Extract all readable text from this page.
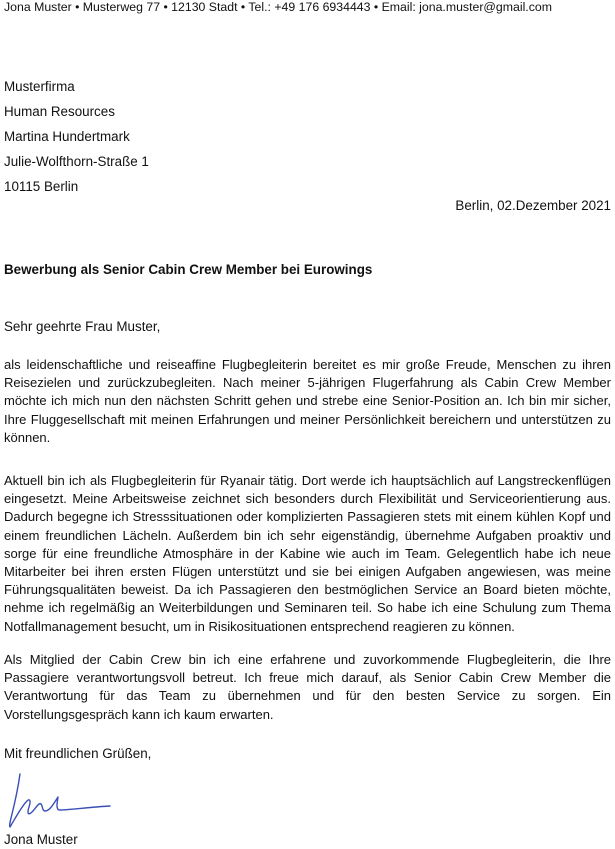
Jona Muster • Musterweg 77 • 12130 Stadt • Tel.: +49 176 6934443 • Email: jona.muster@gmail.com
Musterfirma
Human Resources
Martina Hundertmark
Julie-Wolfthorn-Straße 1
10115 Berlin
Berlin, 02.Dezember 2021
Bewerbung als Senior Cabin Crew Member bei Eurowings
Sehr geehrte Frau Muster,

als leidenschaftliche und reiseaffine Flugbegleiterin bereitet es mir große Freude, Menschen zu ihren Reisezielen und zurückzubegleiten. Nach meiner 5-jährigen Flugerfahrung als Cabin Crew Member möchte ich mich nun den nächsten Schritt gehen und strebe eine Senior-Position an. Ich bin mir sicher, Ihre Fluggesellschaft mit meinen Erfahrungen und meiner Persönlichkeit bereichern und unterstützen zu können.

Aktuell bin ich als Flugbegleiterin für Ryanair tätig. Dort werde ich hauptsächlich auf Langstreckenflügen eingesetzt. Meine Arbeitsweise zeichnet sich besonders durch Flexibilität und Serviceorientierung aus. Dadurch begegne ich Stresssituationen oder komplizierten Passagieren stets mit einem kühlen Kopf und einem freundlichen Lächeln. Außerdem bin ich sehr eigenständig, übernehme Aufgaben proaktiv und sorge für eine freundliche Atmosphäre in der Kabine wie auch im Team. Gelegentlich habe ich neue Mitarbeiter bei ihren ersten Flügen unterstützt und sie bei einigen Aufgaben angewiesen, was meine Führungsqualitäten beweist. Da ich Passagieren den bestmöglichen Service an Board bieten möchte, nehme ich regelmäßig an Weiterbildungen und Seminaren teil. So habe ich eine Schulung zum Thema Notfallmanagement besucht, um in Risikosituationen entsprechend reagieren zu können.

Als Mitglied der Cabin Crew bin ich eine erfahrene und zuvorkommende Flugbegleiterin, die Ihre Passagiere verantwortungsvoll betreut. Ich freue mich darauf, als Senior Cabin Crew Member die Verantwortung für das Team zu übernehmen und für den besten Service zu sorgen. Ein Vorstellungsgespräch kann ich kaum erwarten.

Mit freundlichen Grüßen,
Jona Muster
